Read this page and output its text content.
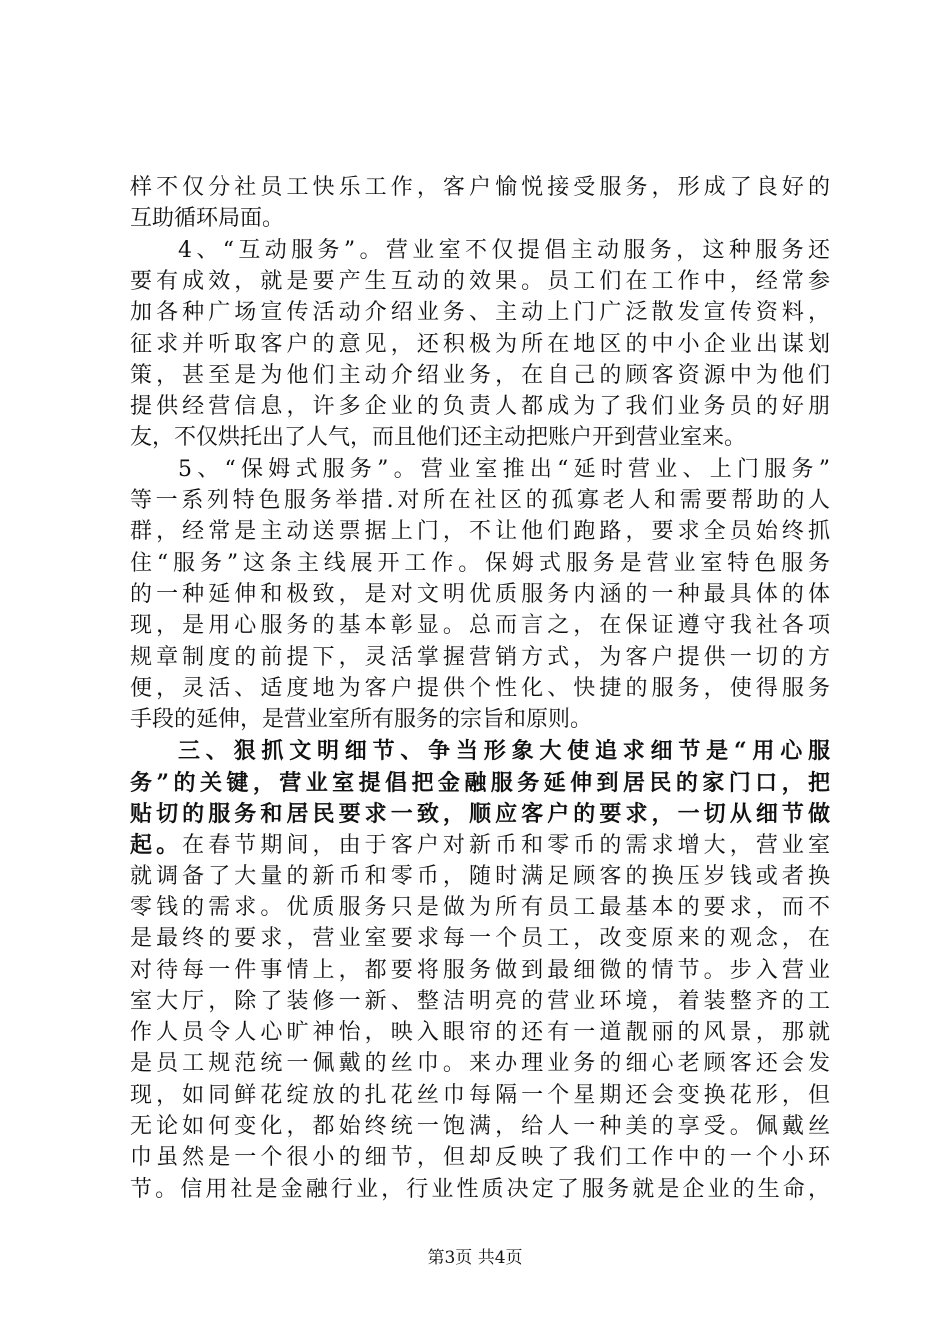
样不仅分社员工快乐工作，客户愉悦接受服务，形成了良好的
互助循环局面。
4、“互动服务”。营业室不仅提倡主动服务，这种服务还
要有成效，就是要产生互动的效果。员工们在工作中，经常参
加各种广场宣传活动介绍业务、主动上门广泛散发宣传资料，
征求并听取客户的意见，还积极为所在地区的中小企业出谋划
策，甚至是为他们主动介绍业务，在自己的顾客资源中为他们
提供经营信息，许多企业的负责人都成为了我们业务员的好朋
友，不仅烘托出了人气，而且他们还主动把账户开到营业室来。
5、“保姆式服务”。营业室推出“延时营业、上门服务”
等一系列特色服务举措.对所在社区的孤寡老人和需要帮助的人
群，经常是主动送票据上门，不让他们跑路，要求全员始终抓
住“服务”这条主线展开工作。保姆式服务是营业室特色服务
的一种延伸和极致，是对文明优质服务内涵的一种最具体的体
现，是用心服务的基本彰显。总而言之，在保证遵守我社各项
规章制度的前提下，灵活掌握营销方式，为客户提供一切的方
便，灵活、适度地为客户提供个性化、快捷的服务，使得服务
手段的延伸，是营业室所有服务的宗旨和原则。
三、狠抓文明细节、争当形象大使追求细节是“用心服
务”的关键，营业室提倡把金融服务延伸到居民的家门口，把
贴切的服务和居民要求一致，顺应客户的要求，一切从细节做
起。在春节期间，由于客户对新币和零币的需求增大，营业室
就调备了大量的新币和零币，随时满足顾客的换压岁钱或者换
零钱的需求。优质服务只是做为所有员工最基本的要求，而不
是最终的要求，营业室要求每一个员工，改变原来的观念，在
对待每一件事情上，都要将服务做到最细微的情节。步入营业
室大厅，除了装修一新、整洁明亮的营业环境，着装整齐的工
作人员令人心旷神怡，映入眼帘的还有一道靓丽的风景，那就
是员工规范统一佩戴的丝巾。来办理业务的细心老顾客还会发
现，如同鲜花绽放的扎花丝巾每隔一个星期还会变换花形，但
无论如何变化，都始终统一饱满，给人一种美的享受。佩戴丝
巾虽然是一个很小的细节，但却反映了我们工作中的一个小环
节。信用社是金融行业，行业性质决定了服务就是企业的生命，
第3页 共4页
